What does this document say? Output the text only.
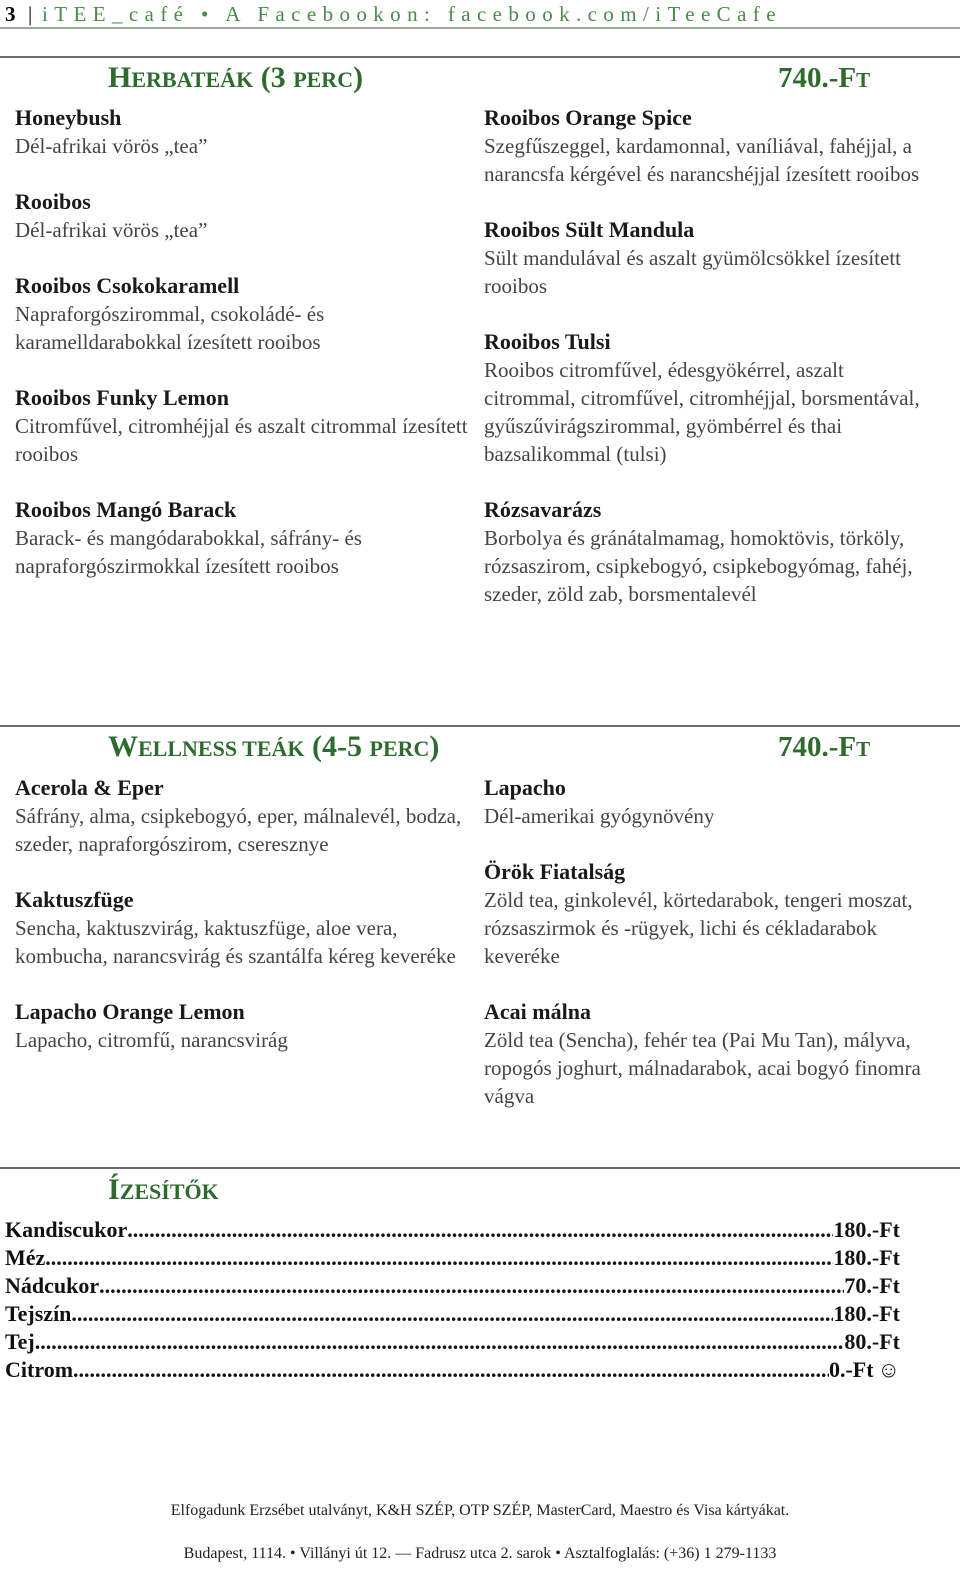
3 | iTEE_café • A Facebookon: facebook.com/iTeeCafe
HERBATEÁK (3 PERC)	740.-FT
Honeybush
Dél-afrikai vörös „tea”
Rooibos
Dél-afrikai vörös „tea”
Rooibos Csokokaramell
Napraforgószirommal, csokoládé- és karamelldarabokkal ízesített rooibos
Rooibos Funky Lemon
Citromfűvel, citromhéjjal és aszalt citrommal ízesített rooibos
Rooibos Mangó Barack
Barack- és mangódarabokkal, sáfrány- és napraforgószirmokkal ízesített rooibos
Rooibos Orange Spice
Szegfűszeggel, kardamonnal, vaníliával, fahéjjal, a narancsfa kérgével és narancshéjjal ízesített rooibos
Rooibos Sült Mandula
Sült mandulával és aszalt gyümölcsökkel ízesített rooibos
Rooibos Tulsi
Rooibos citromfűvel, édesgyökérrel, aszalt citrommal, citromfűvel, citromhéjjal, borsmentával, gyűszűvirágszirommal, gyömbérrel és thai bazsalikommal (tulsi)
Rózsavarázs
Borbolya és gránátalmamag, homoktövis, törköly, rózsaszirom, csipkebogyó, csipkebogyómag, fahéj, szeder, zöld zab, borsmentalevél
WELLNESS TEÁK (4-5 PERC)	740.-FT
Acerola & Eper
Sáfrány, alma, csipkebogyó, eper, málnalevél, bodza, szeder, napraforgószirom, cseresznye
Kaktuszfüge
Sencha, kaktuszvirág, kaktuszfüge, aloe vera, kombucha, narancsvirág és szantálfa kéreg keveréke
Lapacho Orange Lemon
Lapacho, citromfű, narancsvirág
Lapacho
Dél-amerikai gyógynövény
Örök Fiatalság
Zöld tea, ginkolevél, körtedarabok, tengeri moszat, rózsaszirmok és -rügyek, lichi és cékladarabok keveréke
Acai málna
Zöld tea (Sencha), fehér tea (Pai Mu Tan), mályva, ropogós joghurt, málnadarabok, acai bogyó finomra vágva
ÍZESÍTŐK
Kandiscukor .....	180.-Ft
Méz .....	180.-Ft
Nádcukor .....	70.-Ft
Tejszín .....	180.-Ft
Tej .....	80.-Ft
Citrom .....	0.-Ft ☺
Elfogadunk Erzsébet utalványt, K&H SZÉP, OTP SZÉP, MasterCard, Maestro és Visa kártyákat.
Budapest, 1114. • Villányi út 12. — Fadrusz utca 2. sarok • Asztalfoglalás: (+36) 1 279-1133
